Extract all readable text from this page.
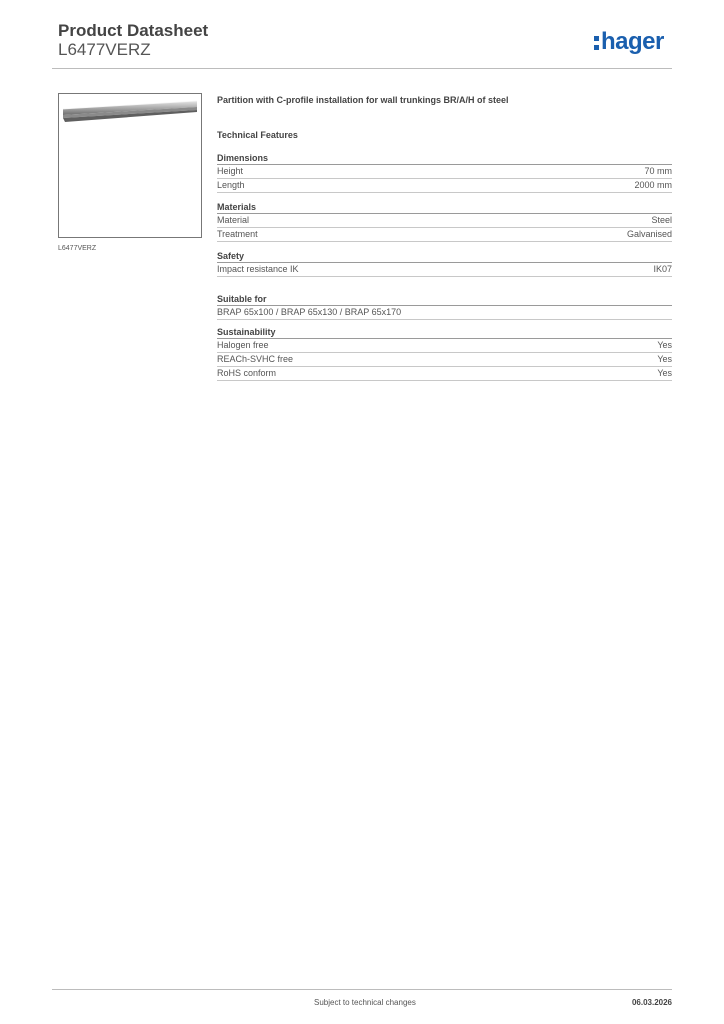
Product Datasheet
L6477VERZ	hager
L6477VERZ
Partition with C-profile installation for wall trunkings BR/A/H of steel
Technical Features
Dimensions
Height	70 mm
Length	2000 mm
Materials
Material	Steel
Treatment	Galvanised
Safety
Impact resistance IK	IK07
Suitable for
BRAP 65x100 / BRAP 65x130 / BRAP 65x170
Sustainability
Halogen free	Yes
REACh-SVHC free	Yes
RoHS conform	Yes
Subject to technical changes	06.03.2026
